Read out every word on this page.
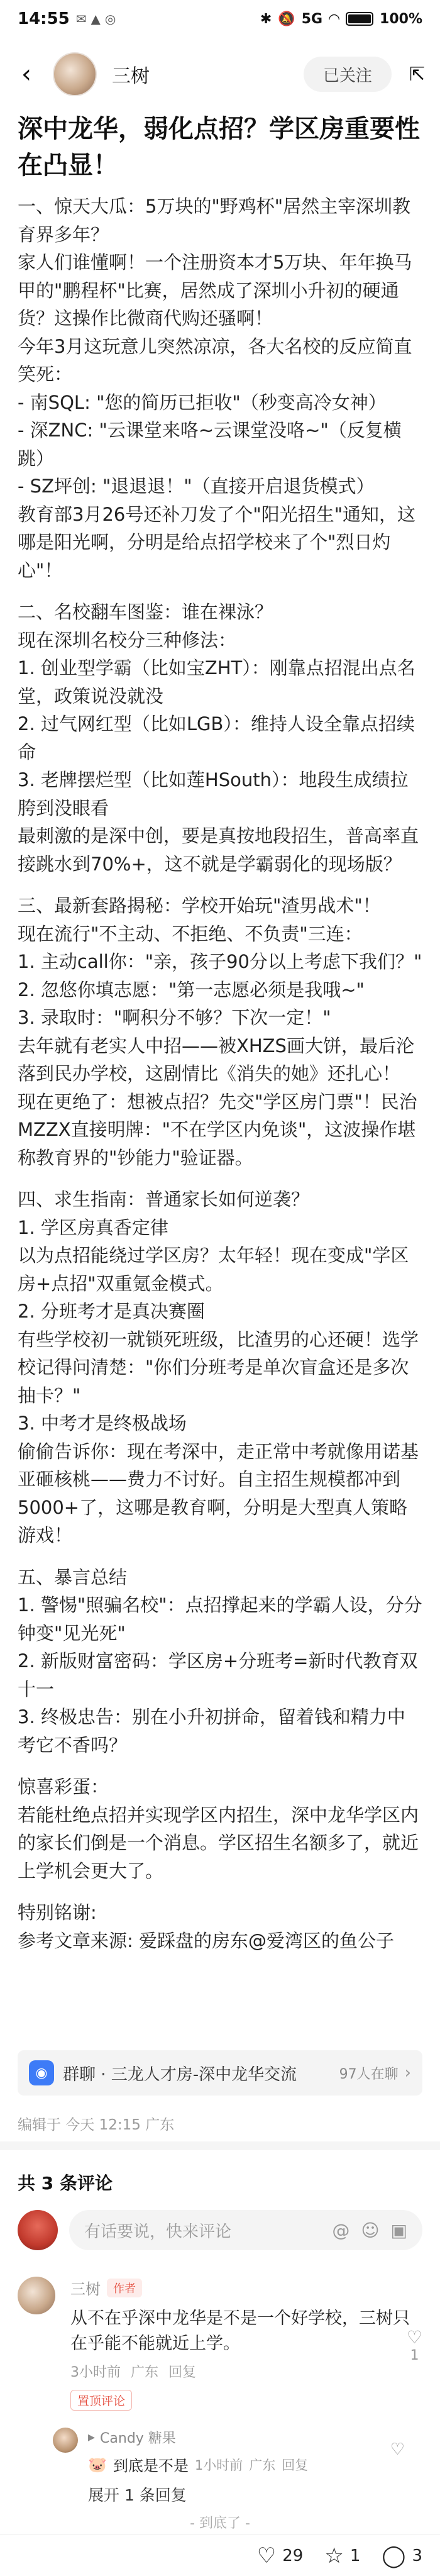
14:55 ✉ ▲ ◎	✱ 🔕 5G ◠	100%
‹	三树	已关注	⇱
深中龙华，弱化点招？学区房重要性在凸显！

一、惊天大瓜：5万块的"野鸡杯"居然主宰深圳教育界多年？

家人们谁懂啊！一个注册资本才5万块、年年换马甲的"鹏程杯"比赛，居然成了深圳小升初的硬通货？这操作比微商代购还骚啊！

今年3月这玩意儿突然凉凉，各大名校的反应简直笑死：

- 南SQL: "您的简历已拒收"（秒变高冷女神）

- 深ZNC: "云课堂来咯~云课堂没咯~"（反复横跳）

- SZ坪创: "退退退！"（直接开启退货模式）

教育部3月26号还补刀发了个"阳光招生"通知，这哪是阳光啊，分明是给点招学校来了个"烈日灼心"！

二、名校翻车图鉴：谁在裸泳？

现在深圳名校分三种修法：

1. 创业型学霸（比如宝ZHT）：刚靠点招混出点名堂，政策说没就没

2. 过气网红型（比如LGB）：维持人设全靠点招续命

3. 老牌摆烂型（比如莲HSouth）：地段生成绩拉胯到没眼看

最刺激的是深中创，要是真按地段招生，普高率直接跳水到70%+，这不就是学霸弱化的现场版？

三、最新套路揭秘：学校开始玩"渣男战术"！

现在流行"不主动、不拒绝、不负责"三连：

1. 主动call你："亲，孩子90分以上考虑下我们？"

2. 忽悠你填志愿："第一志愿必须是我哦~"

3. 录取时："啊积分不够？下次一定！"

去年就有老实人中招——被XHZS画大饼，最后沦落到民办学校，这剧情比《消失的她》还扎心！

现在更绝了：想被点招？先交"学区房门票"！民治MZZX直接明牌："不在学区内免谈"，这波操作堪称教育界的"钞能力"验证器。

四、求生指南：普通家长如何逆袭？

1. 学区房真香定律

以为点招能绕过学区房？太年轻！现在变成"学区房+点招"双重氪金模式。

2. 分班考才是真决赛圈

有些学校初一就锁死班级，比渣男的心还硬！选学校记得问清楚："你们分班考是单次盲盒还是多次抽卡？"

3. 中考才是终极战场

偷偷告诉你：现在考深中，走正常中考就像用诺基亚砸核桃——费力不讨好。自主招生规模都冲到5000+了，这哪是教育啊，分明是大型真人策略游戏！

五、暴言总结

1. 警惕"照骗名校"：点招撑起来的学霸人设，分分钟变"见光死"

2. 新版财富密码：学区房+分班考=新时代教育双十一

3. 终极忠告：别在小升初拼命，留着钱和精力中考它不香吗？

惊喜彩蛋：

若能杜绝点招并实现学区内招生，深中龙华学区内的家长们倒是一个消息。学区招生名额多了，就近上学机会更大了。

特别铭谢:

参考文章来源: 爱踩盘的房东@爱湾区的鱼公子

◉ 群聊 · 三龙人才房-深中龙华交流	97人在聊 ›
编辑于 今天 12:15 广东
共 3 条评论
有话要说，快来评论	@ ☺ ▣
三树	作者
从不在乎深中龙华是不是一个好学校，三树只在乎能不能就近上学。
3小时前 广东 回复
置顶评论
♡
1
▸ Candy 糖果
🐷 到底是不是 1小时前 广东 回复
♡
展开 1 条回复
- 到底了 -
♡ 29 ☆ 1 ◯ 3
